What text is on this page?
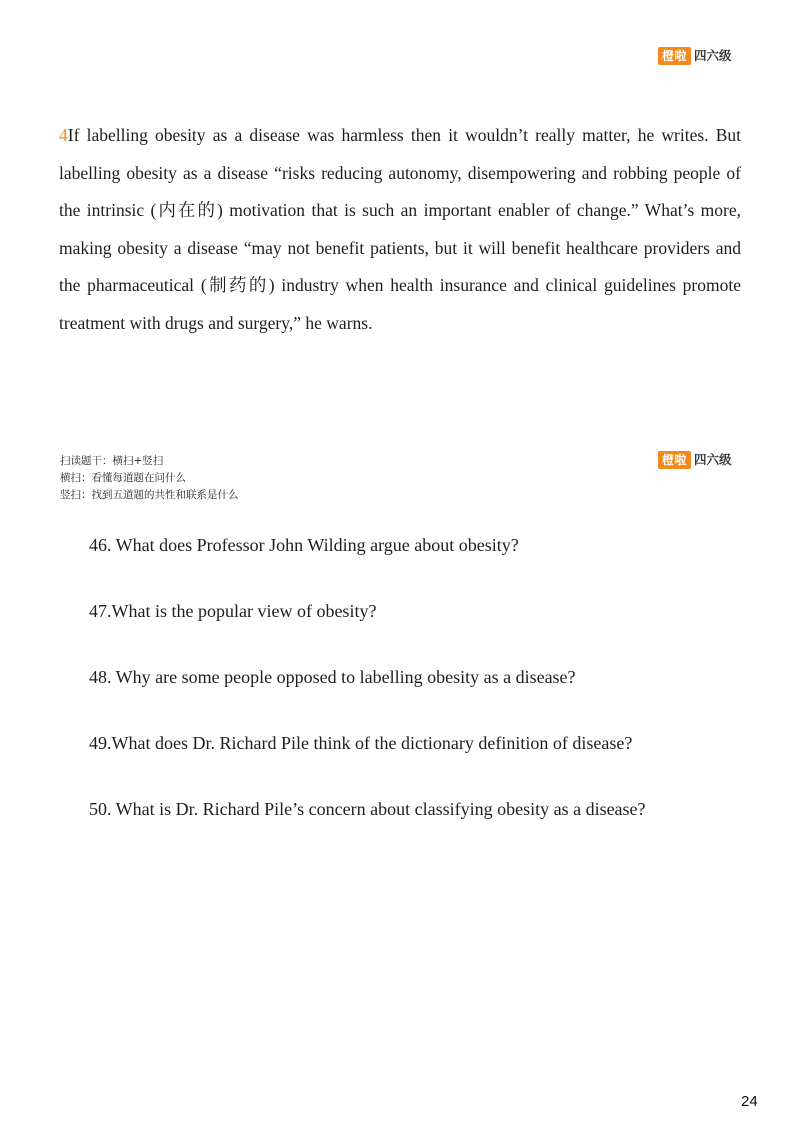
橙啦 四六级

4If labelling obesity as a disease was harmless then it wouldn’t really matter, he writes. But labelling obesity as a disease “risks reducing autonomy, disempowering and robbing people of the intrinsic (内在的) motivation that is such an important enabler of change.” What’s more, making obesity a disease “may not benefit patients, but it will benefit healthcare providers and the pharmaceutical (制药的) industry when health insurance and clinical guidelines promote treatment with drugs and surgery,” he warns.

扫读题干：横扫+竖扫
横扫：看懂每道题在问什么
竖扫：找到五道题的共性和联系是什么
橙啦 四六级
46. What does Professor John Wilding argue about obesity?
47.What is the popular view of obesity?
48. Why are some people opposed to labelling obesity as a disease?
49.What does Dr. Richard Pile think of the dictionary definition of disease?
50. What is Dr. Richard Pile’s concern about classifying obesity as a disease?
24
